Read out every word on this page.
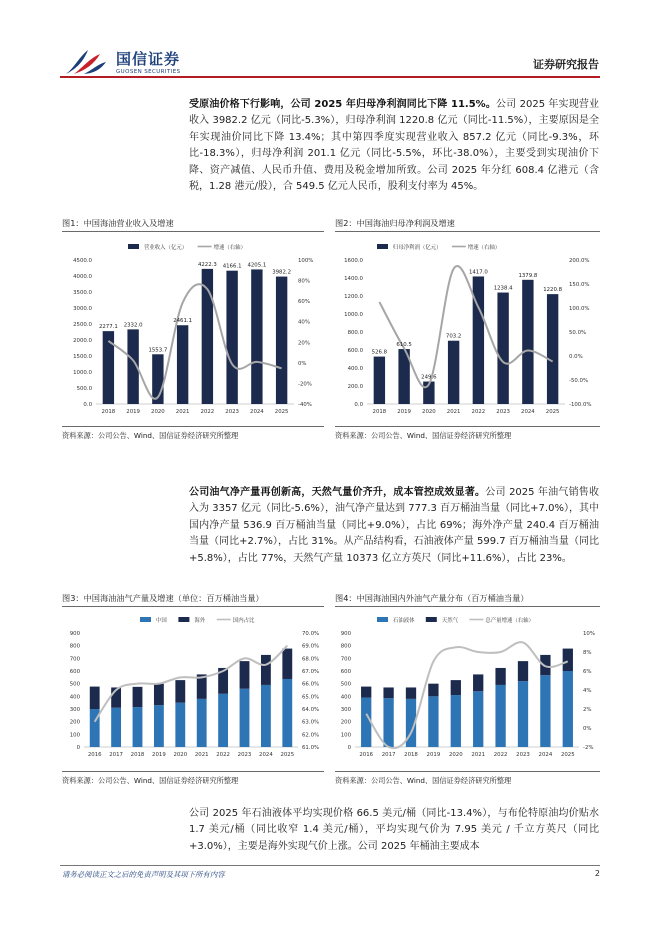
国信证券
GUOSEN SECURITIES
证券研究报告

受原油价格下行影响，公司 2025 年归母净利润同比下降 11.5%。公司 2025 年实现营业收入 3982.2 亿元（同比-5.3%），归母净利润 1220.8 亿元（同比-11.5%），主要原因是全年实现油价同比下降 13.4%；其中第四季度实现营业收入 857.2 亿元（同比-9.3%，环比-18.3%），归母净利润 201.1 亿元（同比-5.5%，环比-38.0%），主要受到实现油价下降、资产减值、人民币升值、费用及税金增加所致。公司 2025 年分红 608.4 亿港元（含税，1.28 港元/股），合 549.5 亿元人民币，股利支付率为 45%。

图1：中国海油营业收入及增速
0.0
500.0
1000.0
1500.0
2000.0
2500.0
3000.0
3500.0
4000.0
4500.0
-40%
-20%
0%
20%
40%
60%
80%
100%
2018 2019 2020 2021 2022 2023 2024 2025
2277.1 2332.0
1553.7
2461.1
4222.3 4166.1 4205.1
3982.2
营业收入（亿元）	增速（右轴）
资料来源：公司公告、Wind、国信证券经济研究所整理
图2：中国海油归母净利润及增速
0.0
200.0
400.0
600.0
800.0
1000.0
1200.0
1400.0
1600.0
-100.0%
-50.0%
0.0%
50.0%
100.0%
150.0%
200.0%
2018 2019 2020 2021 2022 2023 2024 2025
526.8
610.5
249.6
703.2
1417.0
1238.4
1379.8
1220.8
归母净利润（亿元）	增速（右轴）
资料来源：公司公告、Wind、国信证券经济研究所整理

公司油气净产量再创新高，天然气量价齐升，成本管控成效显著。公司 2025 年油气销售收入为 3357 亿元（同比-5.6%），油气净产量达到 777.3 百万桶油当量（同比+7.0%），其中国内净产量 536.9 百万桶油当量（同比+9.0%），占比 69%；海外净产量 240.4 百万桶油当量（同比+2.7%），占比 31%。从产品结构看，石油液体产量 599.7 百万桶油当量（同比+5.8%），占比 77%，天然气产量 10373 亿立方英尺（同比+11.6%），占比 23%。

图3：中国海油油气产量及增速（单位：百万桶油当量）
0
100
200
300
400
500
600
700
800
900
61.0%
62.0%
63.0%
64.0%
65.0%
66.0%
67.0%
68.0%
69.0%
70.0%
2016 2017 2018 2019 2020 2021 2022 2023 2024 2025
中国	海外	国内占比
资料来源：公司公告、Wind、国信证券经济研究所整理
图4：中国海油国内外油气产量分布（百万桶油当量）
0
100
200
300
400
500
600
700
800
900
-2%
0%
2%
4%
6%
8%
10%
2016 2017 2018 2019 2020 2021 2022 2023 2024 2025
石油液体	天然气	总产量增速（右轴）
资料来源：公司公告、Wind、国信证券经济研究所整理

公司 2025 年石油液体平均实现价格 66.5 美元/桶（同比-13.4%），与布伦特原油均价贴水 1.7 美元/桶（同比收窄 1.4 美元/桶），平均实现气价为 7.95 美元 / 千立方英尺（同比+3.0%），主要是海外实现气价上涨。公司 2025 年桶油主要成本

请务必阅读正文之后的免责声明及其项下所有内容	2
